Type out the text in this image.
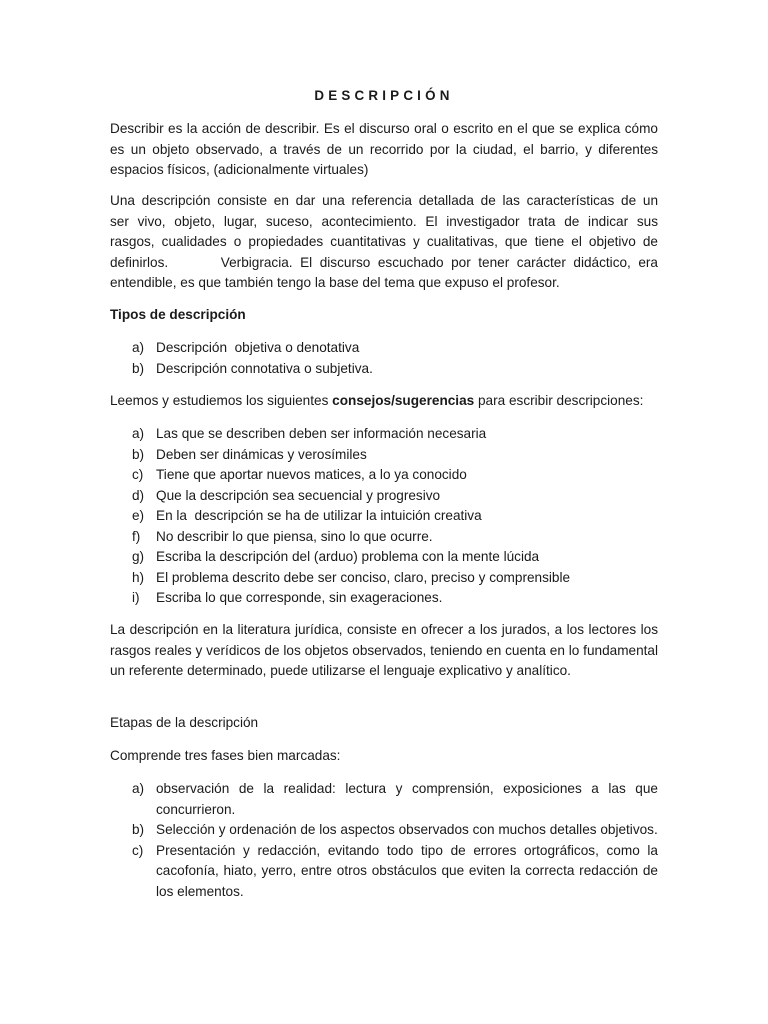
DESCRIPCIÓN
Describir es la acción de describir. Es el discurso oral o escrito en el que se explica cómo es un objeto observado, a través de un recorrido por la ciudad, el barrio, y diferentes espacios físicos, (adicionalmente virtuales)
Una descripción consiste en dar una referencia detallada de las características de un
ser vivo, objeto, lugar, suceso, acontecimiento. El investigador trata de indicar sus
rasgos, cualidades o propiedades cuantitativas y cualitativas, que tiene el objetivo de
definirlos.       Verbigracia. El discurso escuchado por tener carácter didáctico, era
entendible, es que también tengo la base del tema que expuso el profesor.
Tipos de descripción
a) Descripción  objetiva o denotativa
b) Descripción connotativa o subjetiva.
Leemos y estudiemos los siguientes consejos/sugerencias para escribir descripciones:
a) Las que se describen deben ser información necesaria
b) Deben ser dinámicas y verosímiles
c) Tiene que aportar nuevos matices, a lo ya conocido
d) Que la descripción sea secuencial y progresivo
e) En la  descripción se ha de utilizar la intuición creativa
f) No describir lo que piensa, sino lo que ocurre.
g) Escriba la descripción del (arduo) problema con la mente lúcida
h) El problema descrito debe ser conciso, claro, preciso y comprensible
i) Escriba lo que corresponde, sin exageraciones.
La descripción en la literatura jurídica, consiste en ofrecer a los jurados, a los lectores los rasgos reales y verídicos de los objetos observados, teniendo en cuenta en lo fundamental un referente determinado, puede utilizarse el lenguaje explicativo y analítico.
Etapas de la descripción
Comprende tres fases bien marcadas:
a) observación de la realidad: lectura y comprensión, exposiciones a las que concurrieron.
b) Selección y ordenación de los aspectos observados con muchos detalles objetivos.
c) Presentación y redacción, evitando todo tipo de errores ortográficos, como la cacofonía, hiato, yerro, entre otros obstáculos que eviten la correcta redacción de los elementos.
